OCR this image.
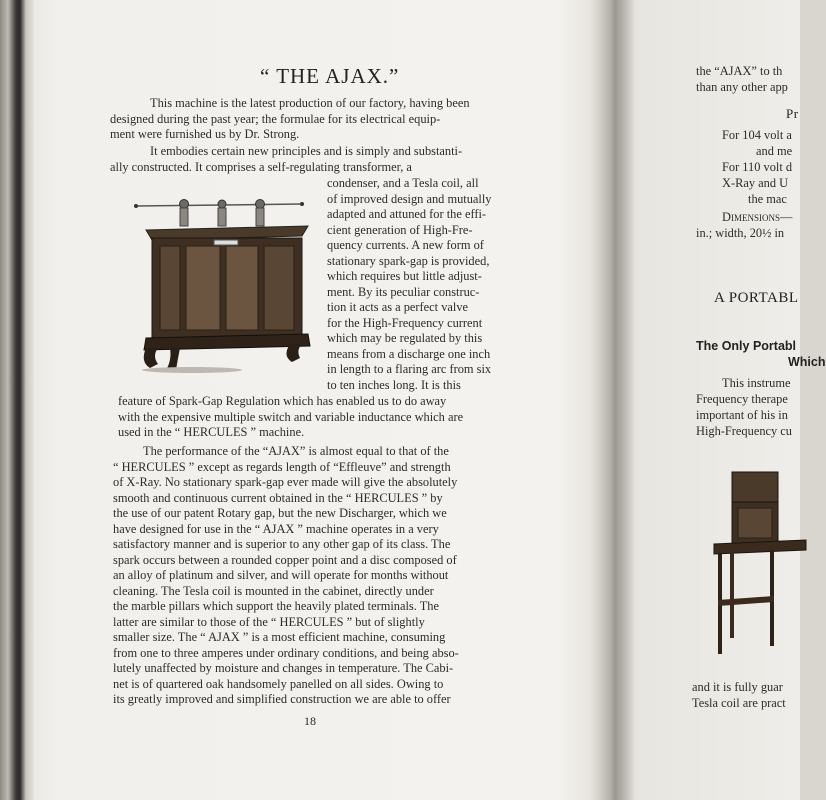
“ THE AJAX.”
This machine is the latest production of our factory, having been
designed during the past year; the formulae for its electrical equip-
ment were furnished us by Dr. Strong.
It embodies certain new principles and is simply and substanti-
ally constructed. It comprises a self-regulating transformer, a
condenser, and a Tesla coil, all
of improved design and mutually
adapted and attuned for the effi-
cient generation of High-Fre-
quency currents. A new form of
stationary spark-gap is provided,
which requires but little adjust-
ment. By its peculiar construc-
tion it acts as a perfect valve
for the High-Frequency current
which may be regulated by this
means from a discharge one inch
in length to a flaring arc from six
to ten inches long. It is this
feature of Spark-Gap Regulation which has enabled us to do away
with the expensive multiple switch and variable inductance which are
used in the “ HERCULES ” machine.
The performance of the “AJAX” is almost equal to that of the
“ HERCULES ” except as regards length of “Effleuve” and strength
of X-Ray. No stationary spark-gap ever made will give the absolutely
smooth and continuous current obtained in the “ HERCULES ” by
the use of our patent Rotary gap, but the new Discharger, which we
have designed for use in the “ AJAX ” machine operates in a very
satisfactory manner and is superior to any other gap of its class. The
spark occurs between a rounded copper point and a disc composed of
an alloy of platinum and silver, and will operate for months without
cleaning. The Tesla coil is mounted in the cabinet, directly under
the marble pillars which support the heavily plated terminals. The
latter are similar to those of the “ HERCULES ” but of slightly
smaller size. The “ AJAX ” is a most efficient machine, consuming
from one to three amperes under ordinary conditions, and being abso-
lutely unaffected by moisture and changes in temperature. The Cabi-
net is of quartered oak handsomely panelled on all sides. Owing to
its greatly improved and simplified construction we are able to offer
18
the “AJAX” to th
than any other app
Pr
For 104 volt a
and me
For 110 volt d
X-Ray and U
the mac
Dimensions—
in.; width, 20½ in
A PORTABL
The Only Portabl
Which
This instrume
Frequency therape
important of his in
High-Frequency cu
and it is fully guar
Tesla coil are pract
